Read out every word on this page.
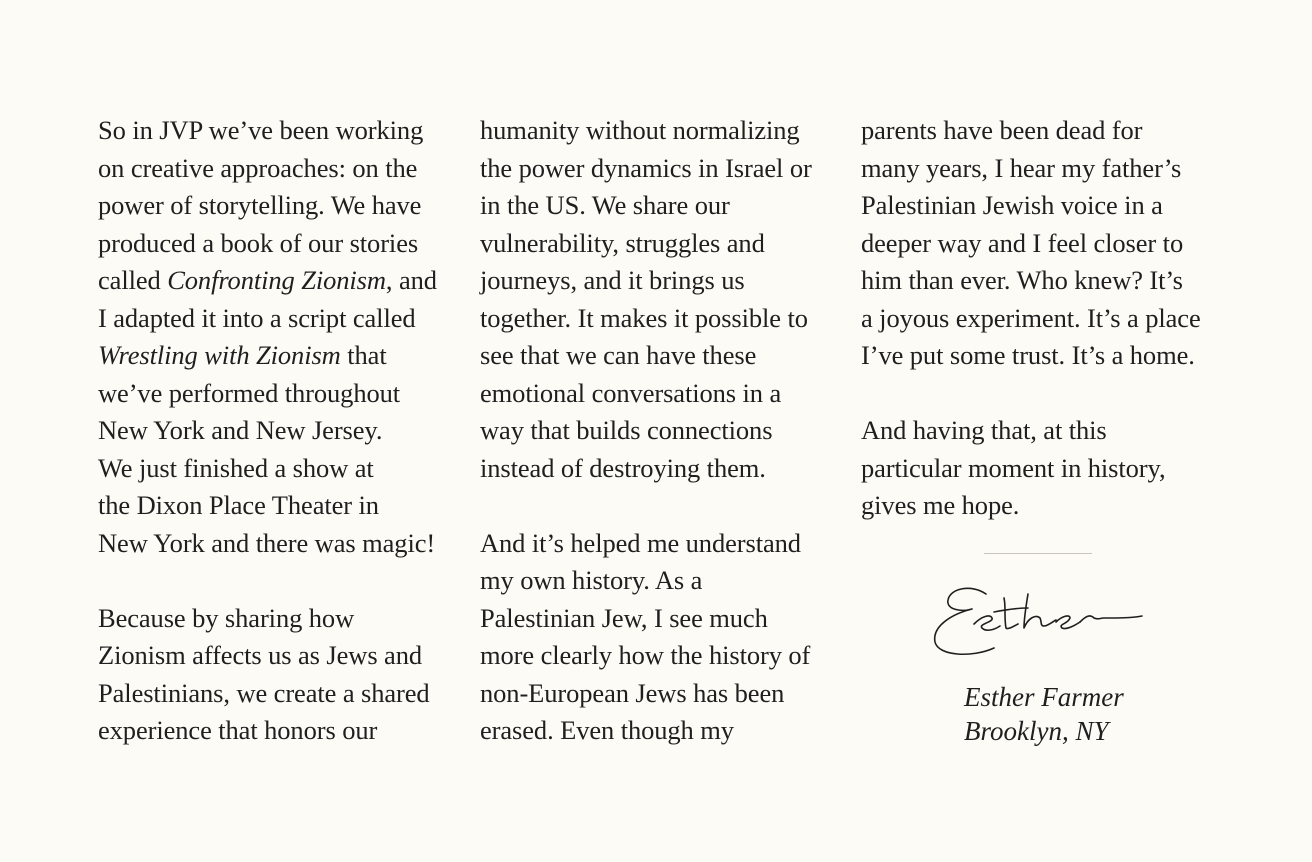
So in JVP we’ve been working
on creative approaches: on the
power of storytelling. We have
produced a book of our stories
called Confronting Zionism, and
I adapted it into a script called
Wrestling with Zionism that
we’ve performed throughout
New York and New Jersey.
We just finished a show at
the Dixon Place Theater in
New York and there was magic!
Because by sharing how
Zionism affects us as Jews and
Palestinians, we create a shared
experience that honors our
humanity without normalizing
the power dynamics in Israel or
in the US. We share our
vulnerability, struggles and
journeys, and it brings us
together. It makes it possible to
see that we can have these
emotional conversations in a
way that builds connections
instead of destroying them.
And it’s helped me understand
my own history. As a
Palestinian Jew, I see much
more clearly how the history of
non-European Jews has been
erased. Even though my
parents have been dead for
many years, I hear my father’s
Palestinian Jewish voice in a
deeper way and I feel closer to
him than ever. Who knew? It’s
a joyous experiment. It’s a place
I’ve put some trust. It’s a home.
And having that, at this
particular moment in history,
gives me hope.
Esther Farmer
Brooklyn, NY
